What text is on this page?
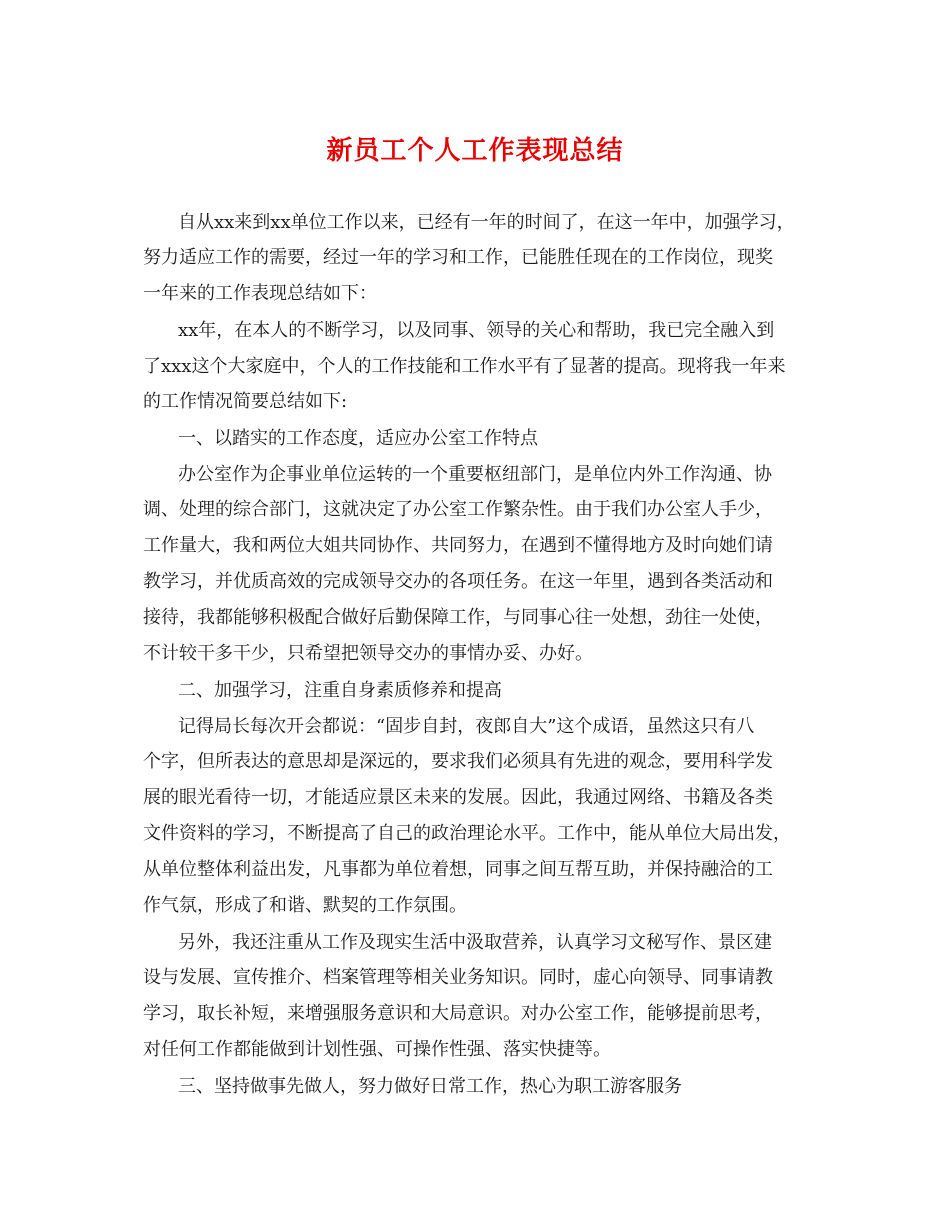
新员工个人工作表现总结
自从xx来到xx单位工作以来，已经有一年的时间了，在这一年中，加强学习，
努力适应工作的需要，经过一年的学习和工作，已能胜任现在的工作岗位，现奖
一年来的工作表现总结如下：
xx年，在本人的不断学习，以及同事、领导的关心和帮助，我已完全融入到
了xxx这个大家庭中，个人的工作技能和工作水平有了显著的提高。现将我一年来
的工作情况简要总结如下:
一、以踏实的工作态度，适应办公室工作特点
办公室作为企事业单位运转的一个重要枢纽部门，是单位内外工作沟通、协
调、处理的综合部门，这就决定了办公室工作繁杂性。由于我们办公室人手少，
工作量大，我和两位大姐共同协作、共同努力，在遇到不懂得地方及时向她们请
教学习，并优质高效的完成领导交办的各项任务。在这一年里，遇到各类活动和
接待，我都能够积极配合做好后勤保障工作，与同事心往一处想，劲往一处使，
不计较干多干少，只希望把领导交办的事情办妥、办好。
二、加强学习，注重自身素质修养和提高
记得局长每次开会都说：“固步自封，夜郎自大”这个成语，虽然这只有八
个字，但所表达的意思却是深远的，要求我们必须具有先进的观念，要用科学发
展的眼光看待一切，才能适应景区未来的发展。因此，我通过网络、书籍及各类
文件资料的学习，不断提高了自己的政治理论水平。工作中，能从单位大局出发，
从单位整体利益出发，凡事都为单位着想，同事之间互帮互助，并保持融洽的工
作气氛，形成了和谐、默契的工作氛围。
另外，我还注重从工作及现实生活中汲取营养，认真学习文秘写作、景区建
设与发展、宣传推介、档案管理等相关业务知识。同时，虚心向领导、同事请教
学习，取长补短，来增强服务意识和大局意识。对办公室工作，能够提前思考，
对任何工作都能做到计划性强、可操作性强、落实快捷等。
三、坚持做事先做人，努力做好日常工作，热心为职工游客服务
